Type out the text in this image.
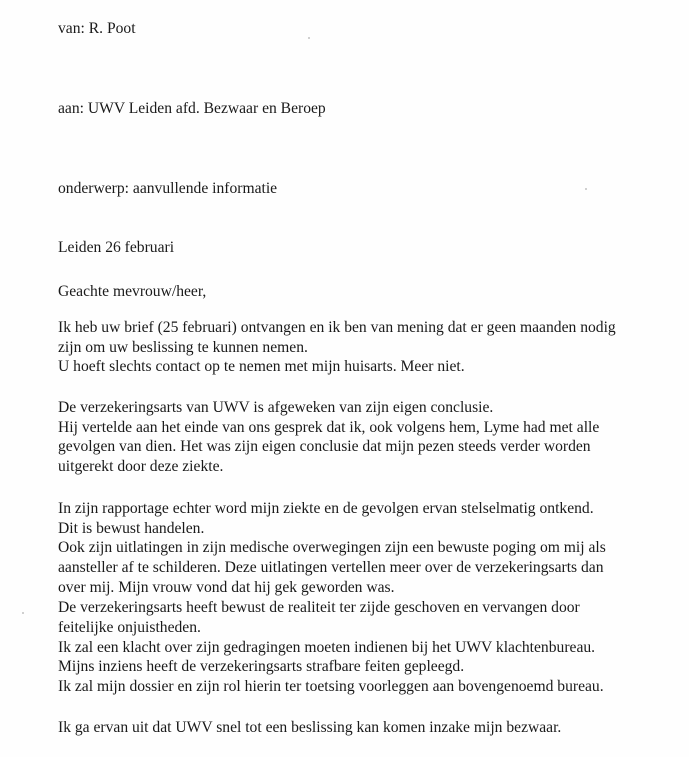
van: R. Poot
aan: UWV Leiden afd. Bezwaar en Beroep
onderwerp: aanvullende informatie
Leiden 26 februari
Geachte mevrouw/heer,
Ik heb uw brief (25 februari) ontvangen en ik ben van mening dat er geen maanden nodig
zijn om uw beslissing te kunnen nemen.
U hoeft slechts contact op te nemen met mijn huisarts. Meer niet.
De verzekeringsarts van UWV is afgeweken van zijn eigen conclusie.
Hij vertelde aan het einde van ons gesprek dat ik, ook volgens hem, Lyme had met alle
gevolgen van dien. Het was zijn eigen conclusie dat mijn pezen steeds verder worden
uitgerekt door deze ziekte.
In zijn rapportage echter word mijn ziekte en de gevolgen ervan stelselmatig ontkend.
Dit is bewust handelen.
Ook zijn uitlatingen in zijn medische overwegingen zijn een bewuste poging om mij als
aansteller af te schilderen. Deze uitlatingen vertellen meer over de verzekeringsarts dan
over mij. Mijn vrouw vond dat hij gek geworden was.
De verzekeringsarts heeft bewust de realiteit ter zijde geschoven en vervangen door
feitelijke onjuistheden.
Ik zal een klacht over zijn gedragingen moeten indienen bij het UWV klachtenbureau.
Mijns inziens heeft de verzekeringsarts strafbare feiten gepleegd.
Ik zal mijn dossier en zijn rol hierin ter toetsing voorleggen aan bovengenoemd bureau.
Ik ga ervan uit dat UWV snel tot een beslissing kan komen inzake mijn bezwaar.
